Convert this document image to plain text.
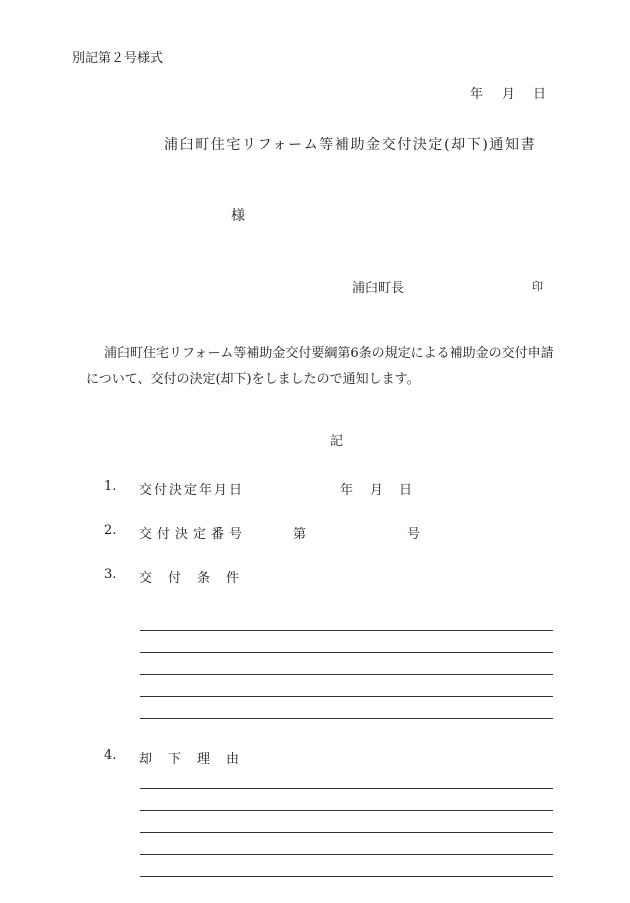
別記第２号様式
年 月 日
浦臼町住宅リフォーム等補助金交付決定(却下)通知書
様
浦臼町長	印
浦臼町住宅リフォーム等補助金交付要綱第6条の規定による補助金の交付申請について、交付の決定(却下)をしましたので通知します。
記
1. 交付決定年月日	年 月 日
2. 交付決定番号	第	号
3. 交付条件
4. 却下理由
